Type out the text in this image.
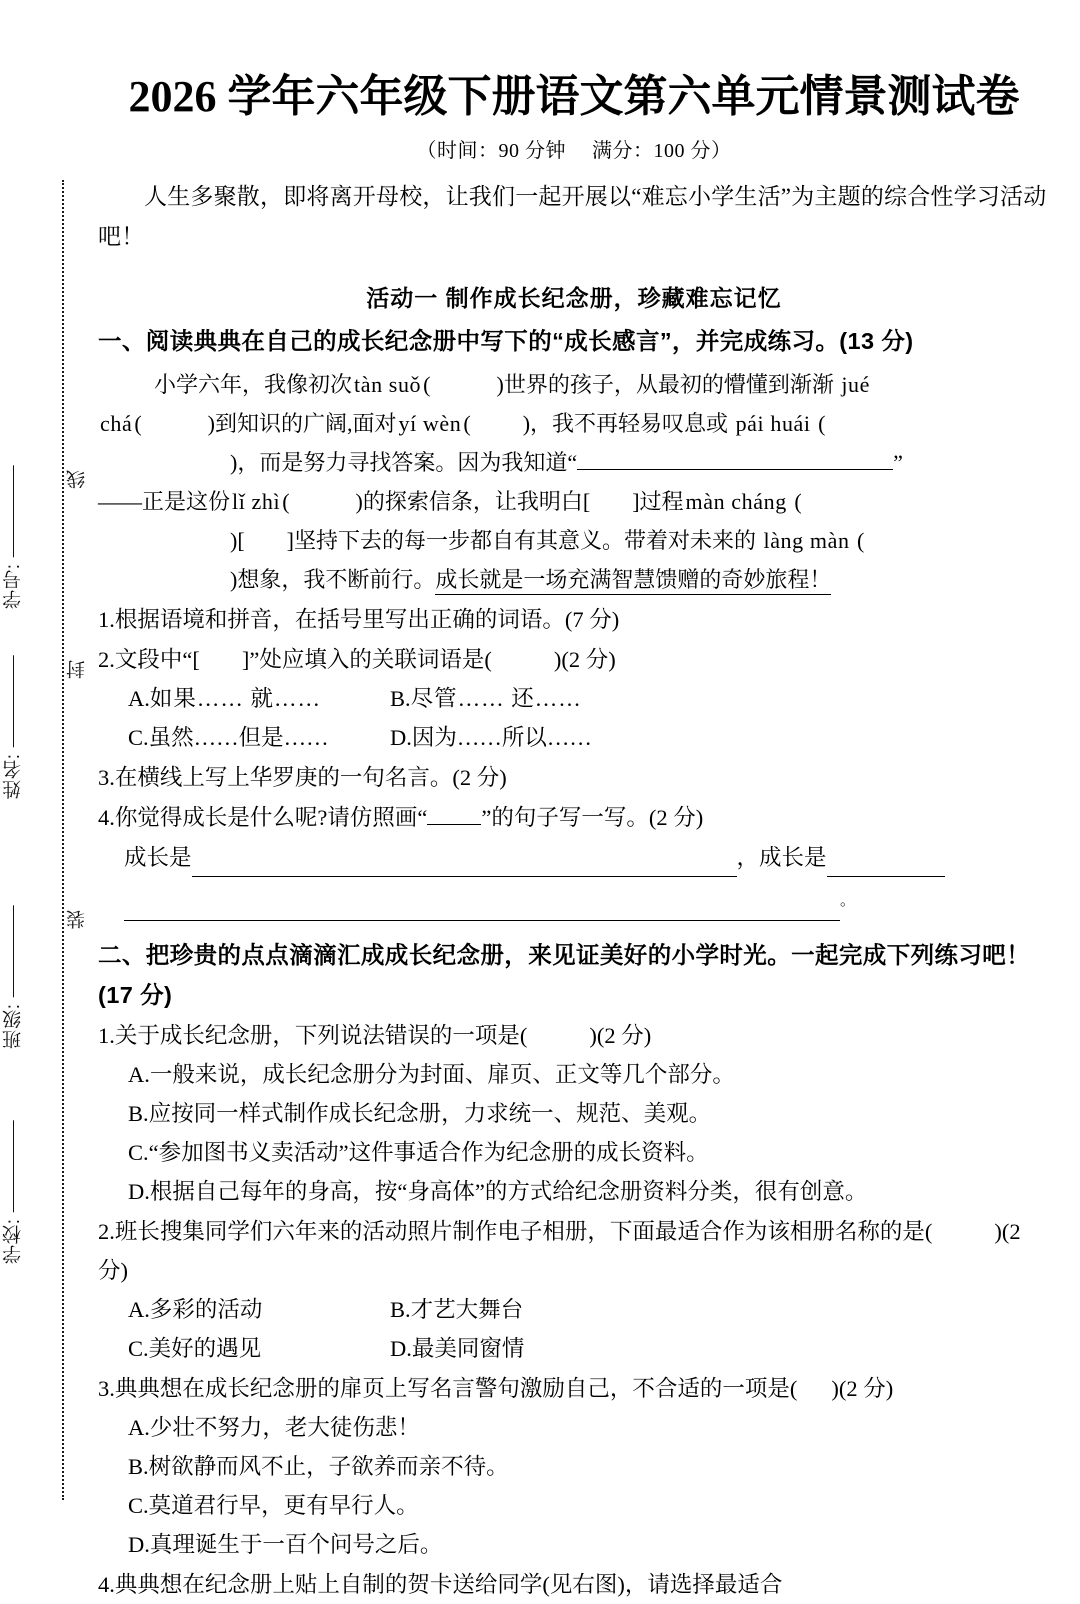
学号:
线
姓名:
封
班级:
装
学校:
2026 学年六年级下册语文第六单元情景测试卷
（时间：90 分钟 满分：100 分）

人生多聚散，即将离开母校，让我们一起开展以“难忘小学生活”为主题的综合性学习活动吧！

活动一 制作成长纪念册，珍藏难忘记忆
一、阅读典典在自己的成长纪念册中写下的“成长感言”，并完成练习。(13 分)
小学六年，我像初次tàn suǒ(	)世界的孩子，从最初的懵懂到渐渐 jué
chá(	)到知识的广阔,面对yí wèn( )，我不再轻易叹息或 pái huái (
)，而是努力寻找答案。因为我知道“	”
——正是这份lǐ zhì(	)的探索信条，让我明白[ ]过程màn cháng (
)[ ]坚持下去的每一步都自有其意义。带着对未来的 làng màn (
)想象，我不断前行。成长就是一场充满智慧馈赠的奇妙旅程！
1.根据语境和拼音，在括号里写出正确的词语。(7 分)
2.文段中“[ ]”处应填入的关联词语是(	)(2 分)
A.如果…… 就……	B.尽管…… 还……
C.虽然……但是……	D.因为……所以……
3.在横线上写上华罗庚的一句名言。(2 分)
4.你觉得成长是什么呢?请仿照画“ ”的句子写一写。(2 分)
成长是	，成长是
。
二、把珍贵的点点滴滴汇成成长纪念册，来见证美好的小学时光。一起完成下列练习吧！(17 分)
1.关于成长纪念册，下列说法错误的一项是(	)(2 分)
A.一般来说，成长纪念册分为封面、扉页、正文等几个部分。
B.应按同一样式制作成长纪念册，力求统一、规范、美观。
C.“参加图书义卖活动”这件事适合作为纪念册的成长资料。
D.根据自己每年的身高，按“身高体”的方式给纪念册资料分类，很有创意。
2.班长搜集同学们六年来的活动照片制作电子相册，下面最适合作为该相册名称的是(	)(2 分)
A.多彩的活动	B.才艺大舞台
C.美好的遇见	D.最美同窗情
3.典典想在成长纪念册的扉页上写名言警句激励自己，不合适的一项是( )(2 分)
A.少壮不努力，老大徒伤悲！
B.树欲静而风不止，子欲养而亲不待。
C.莫道君行早，更有早行人。
D.真理诞生于一百个问号之后。
4.典典想在纪念册上贴上自制的贺卡送给同学(见右图)，请选择最适合
